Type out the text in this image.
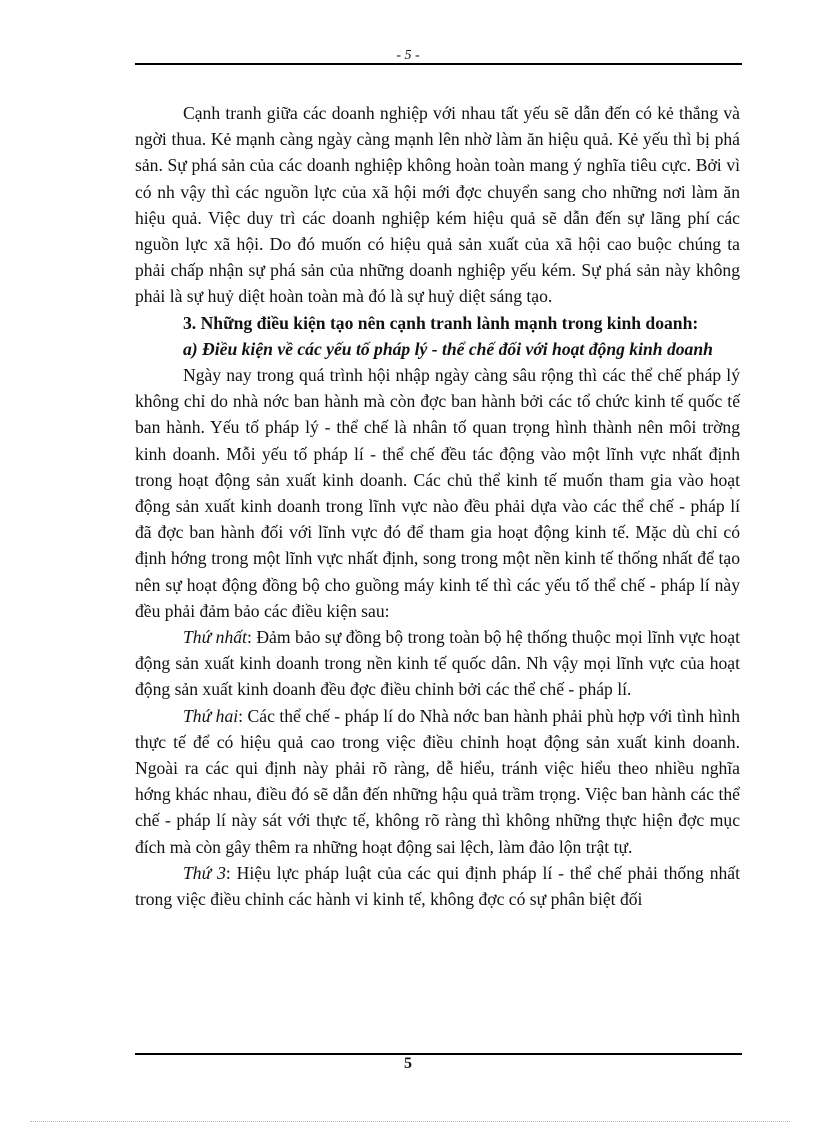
- 5 -

Cạnh tranh giữa các doanh nghiệp với nhau tất yếu sẽ dẫn đến có kẻ thắng và ngời thua. Kẻ mạnh càng ngày càng mạnh lên nhờ làm ăn hiệu quả. Kẻ yếu thì bị phá sản. Sự phá sản của các doanh nghiệp không hoàn toàn mang ý nghĩa tiêu cực. Bởi vì có nh vậy thì các nguồn lực của xã hội mới đợc chuyển sang cho những nơi làm ăn hiệu quả. Việc duy trì các doanh nghiệp kém hiệu quả sẽ dẫn đến sự lãng phí các nguồn lực xã hội. Do đó muốn có hiệu quả sản xuất của xã hội cao buộc chúng ta phải chấp nhận sự phá sản của những doanh nghiệp yếu kém. Sự phá sản này không phải là sự huỷ diệt hoàn toàn mà đó là sự huỷ diệt sáng tạo.

3. Những điều kiện tạo nên cạnh tranh lành mạnh trong kinh doanh:

a) Điều kiện về các yếu tố pháp lý - thể chế đối với hoạt động kinh doanh

Ngày nay trong quá trình hội nhập ngày càng sâu rộng thì các thể chế pháp lý không chỉ do nhà nớc ban hành mà còn đợc ban hành bởi các tổ chức kinh tế quốc tế ban hành. Yếu tố pháp lý - thể chế là nhân tố quan trọng hình thành nên môi trờng kinh doanh. Mỗi yếu tố pháp lí - thể chế đều tác động vào một lĩnh vực nhất định trong hoạt động sản xuất kinh doanh. Các chủ thể kinh tế muốn tham gia vào hoạt động sản xuất kinh doanh trong lĩnh vực nào đều phải dựa vào các thể chế - pháp lí đã đợc ban hành đối với lĩnh vực đó để tham gia hoạt động kinh tế. Mặc dù chỉ có định hớng trong một lĩnh vực nhất định, song trong một nền kinh tế thống nhất để tạo nên sự hoạt động đồng bộ cho guồng máy kinh tế thì các yếu tố thể chế - pháp lí này đều phải đảm bảo các điều kiện sau:

Thứ nhất: Đảm bảo sự đồng bộ trong toàn bộ hệ thống thuộc mọi lĩnh vực hoạt động sản xuất kinh doanh trong nền kinh tế quốc dân. Nh vậy mọi lĩnh vực của hoạt động sản xuất kinh doanh đều đợc điều chỉnh bởi các thể chế - pháp lí.

Thứ hai: Các thể chế - pháp lí do Nhà nớc ban hành phải phù hợp với tình hình thực tế để có hiệu quả cao trong việc điều chỉnh hoạt động sản xuất kinh doanh. Ngoài ra các qui định này phải rõ ràng, dễ hiểu, tránh việc hiểu theo nhiều nghĩa hớng khác nhau, điều đó sẽ dẫn đến những hậu quả trầm trọng. Việc ban hành các thể chế - pháp lí này sát với thực tế, không rõ ràng thì không những thực hiện đợc mục đích mà còn gây thêm ra những hoạt động sai lệch, làm đảo lộn trật tự.

Thứ 3: Hiệu lực pháp luật của các qui định pháp lí - thể chế phải thống nhất trong việc điều chỉnh các hành vi kinh tế, không đợc có sự phân biệt đối

5
